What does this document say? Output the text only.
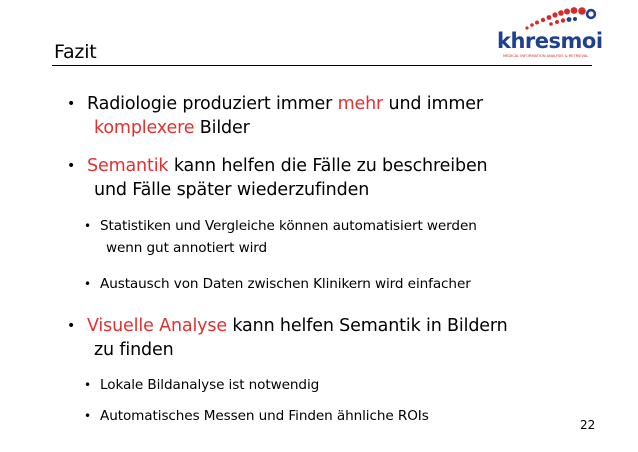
Fazit	khresmoi
MEDICAL INFORMATION ANALYSIS & RETRIEVAL
• Radiologie produziert immer mehr und immer
komplexere Bilder
• Semantik kann helfen die Fälle zu beschreiben
und Fälle später wiederzufinden
• Statistiken und Vergleiche können automatisiert werden
wenn gut annotiert wird
• Austausch von Daten zwischen Klinikern wird einfacher
• Visuelle Analyse kann helfen Semantik in Bildern
zu finden
• Lokale Bildanalyse ist notwendig
• Automatisches Messen und Finden ähnliche ROIs
22
